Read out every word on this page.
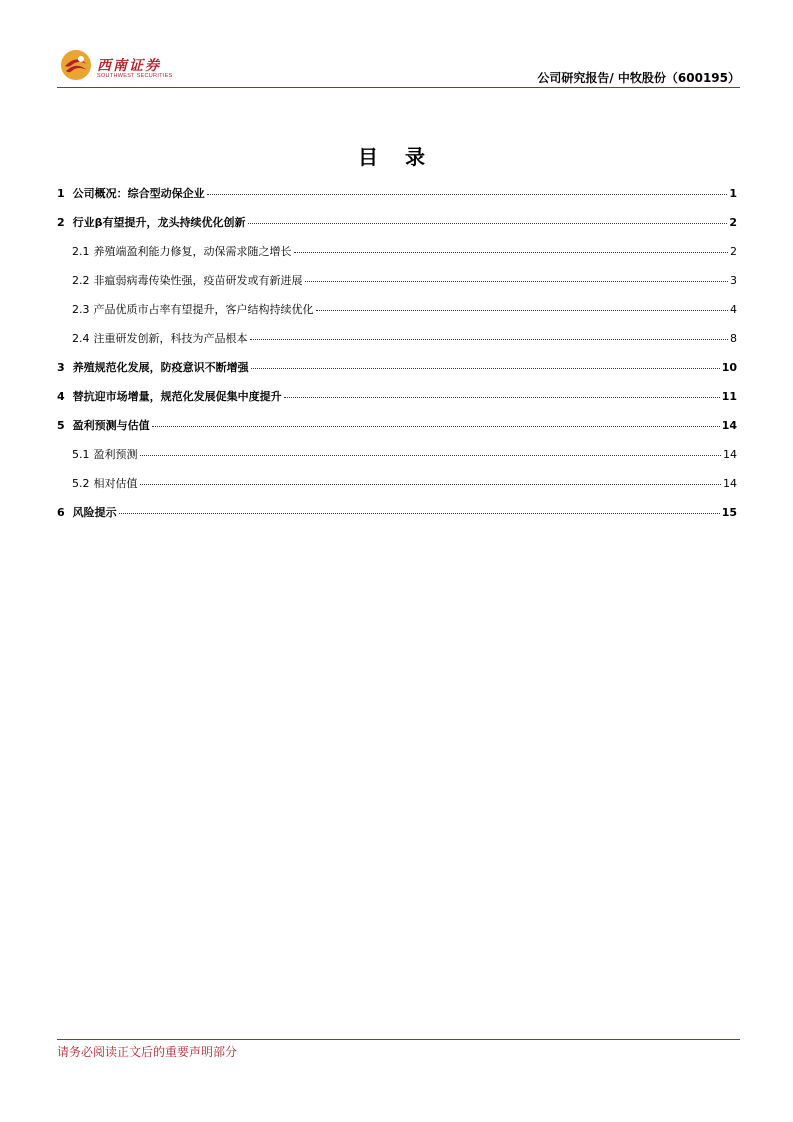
西南证券
SOUTHWEST SECURITIES	公司研究报告/ 中牧股份（600195）
目 录
1 公司概况：综合型动保企业	1
2 行业β有望提升，龙头持续优化创新	2
2.1 养殖端盈利能力修复，动保需求随之增长	2
2.2 非瘟弱病毒传染性强，疫苗研发或有新进展	3
2.3 产品优质市占率有望提升，客户结构持续优化	4
2.4 注重研发创新，科技为产品根本	8
3 养殖规范化发展，防疫意识不断增强	10
4 替抗迎市场增量，规范化发展促集中度提升	11
5 盈利预测与估值	14
5.1 盈利预测	14
5.2 相对估值	14
6 风险提示	15
请务必阅读正文后的重要声明部分
